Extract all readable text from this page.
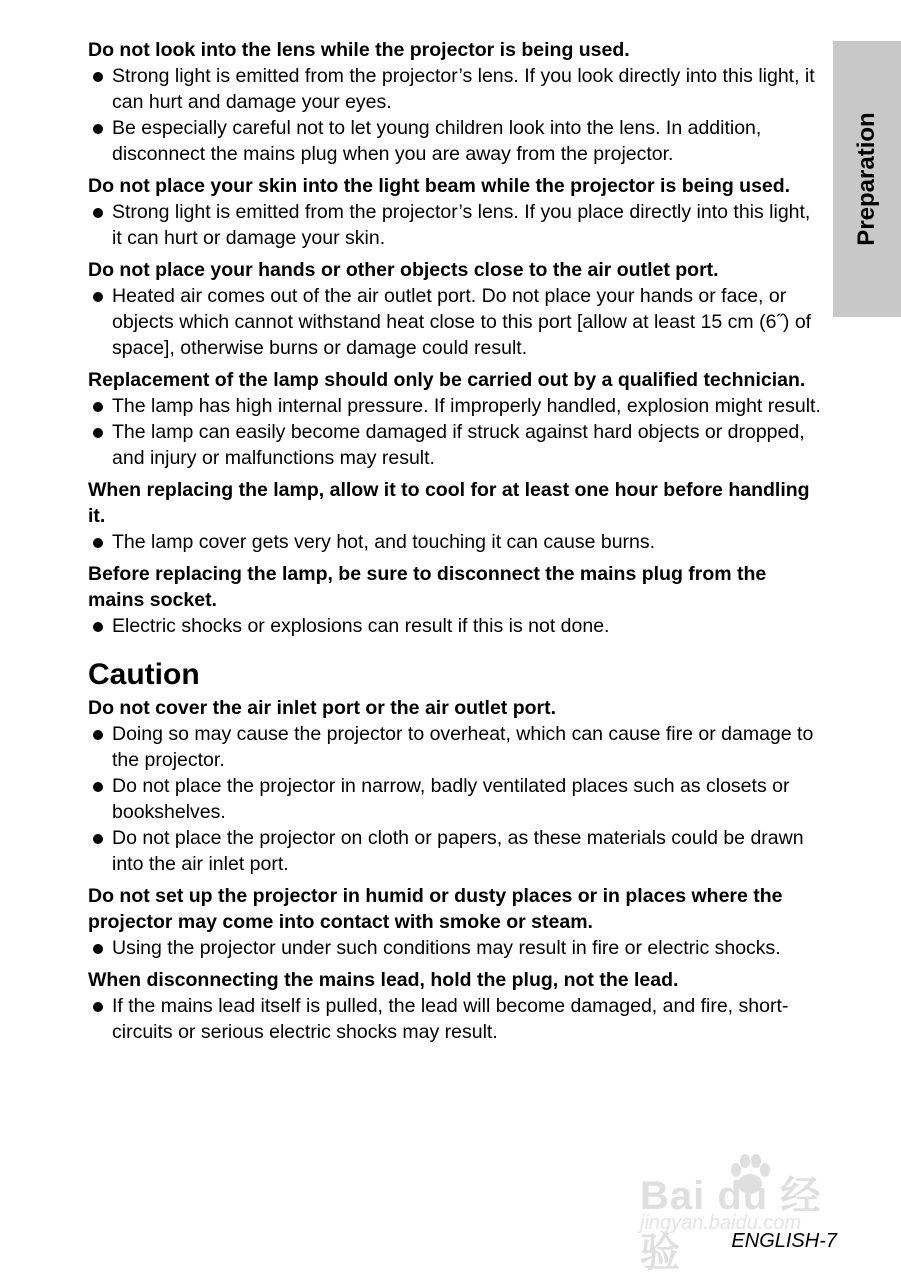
Preparation

Do not look into the lens while the projector is being used.

Strong light is emitted from the projector’s lens. If you look directly into this light, it can hurt and damage your eyes.
Be especially careful not to let young children look into the lens. In addition, disconnect the mains plug when you are away from the projector.

Do not place your skin into the light beam while the projector is being used.

Strong light is emitted from the projector’s lens. If you place directly into this light, it can hurt or damage your skin.

Do not place your hands or other objects close to the air outlet port.

Heated air comes out of the air outlet port. Do not place your hands or face, or objects which cannot withstand heat close to this port [allow at least 15 cm (6˝) of space], otherwise burns or damage could result.

Replacement of the lamp should only be carried out by a qualified technician.

The lamp has high internal pressure. If improperly handled, explosion might result.
The lamp can easily become damaged if struck against hard objects or dropped, and injury or malfunctions may result.

When replacing the lamp, allow it to cool for at least one hour before handling it.

The lamp cover gets very hot, and touching it can cause burns.

Before replacing the lamp, be sure to disconnect the mains plug from the mains socket.

Electric shocks or explosions can result if this is not done.
Caution

Do not cover the air inlet port or the air outlet port.

Doing so may cause the projector to overheat, which can cause fire or damage to the projector.
Do not place the projector in narrow, badly ventilated places such as closets or bookshelves.
Do not place the projector on cloth or papers, as these materials could be drawn into the air inlet port.

Do not set up the projector in humid or dusty places or in places where the projector may come into contact with smoke or steam.

Using the projector under such conditions may result in fire or electric shocks.

When disconnecting the mains lead, hold the plug, not the lead.

If the mains lead itself is pulled, the lead will become damaged, and fire, short-circuits or serious electric shocks may result.
Bai du 经验
jingyan.baidu.com
ENGLISH-7
